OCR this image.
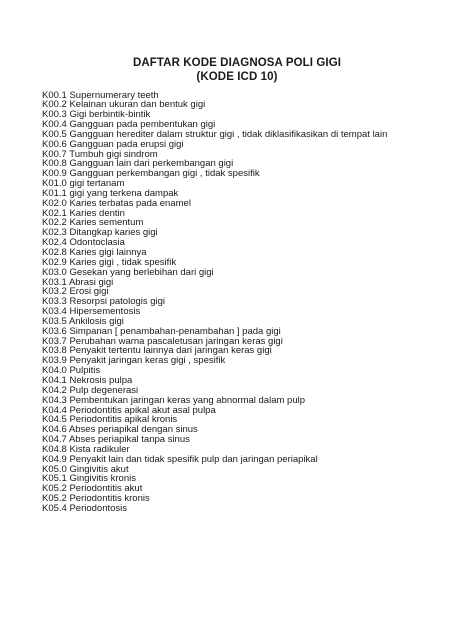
DAFTAR KODE DIAGNOSA POLI GIGI
(KODE ICD 10)
K00.1 Supernumerary teeth
K00.2 Kelainan ukuran dan bentuk gigi
K00.3 Gigi berbintik-bintik
K00.4 Gangguan pada pembentukan gigi
K00.5 Gangguan herediter dalam struktur gigi , tidak diklasifikasikan di tempat lain
K00.6 Gangguan pada erupsi gigi
K00.7 Tumbuh gigi sindrom
K00.8 Gangguan lain dari perkembangan gigi
K00.9 Gangguan perkembangan gigi , tidak spesifik
K01.0 gigi tertanam
K01.1 gigi yang terkena dampak
K02.0 Karies terbatas pada enamel
K02.1 Karies dentin
K02.2 Karies sementum
K02.3 Ditangkap karies gigi
K02.4 Odontoclasia
K02.8 Karies gigi lainnya
K02.9 Karies gigi , tidak spesifik
K03.0 Gesekan yang berlebihan dari gigi
K03.1 Abrasi gigi
K03.2 Erosi gigi
K03.3 Resorpsi patologis gigi
K03.4 Hipersementosis
K03.5 Ankilosis gigi
K03.6 Simpanan [ penambahan-penambahan ] pada gigi
K03.7 Perubahan warna pascaletusan jaringan keras gigi
K03.8 Penyakit tertentu lainnya dari jaringan keras gigi
K03.9 Penyakit jaringan keras gigi , spesifik
K04.0 Pulpitis
K04.1 Nekrosis pulpa
K04.2 Pulp degenerasi
K04.3 Pembentukan jaringan keras yang abnormal dalam pulp
K04.4 Periodontitis apikal akut asal pulpa
K04.5 Periodontitis apikal kronis
K04.6 Abses periapikal dengan sinus
K04.7 Abses periapikal tanpa sinus
K04.8 Kista radikuler
K04.9 Penyakit lain dan tidak spesifik pulp dan jaringan periapikal
K05.0 Gingivitis akut
K05.1 Gingivitis kronis
K05.2 Periodontitis akut
K05.2 Periodontitis kronis
K05.4 Periodontosis
